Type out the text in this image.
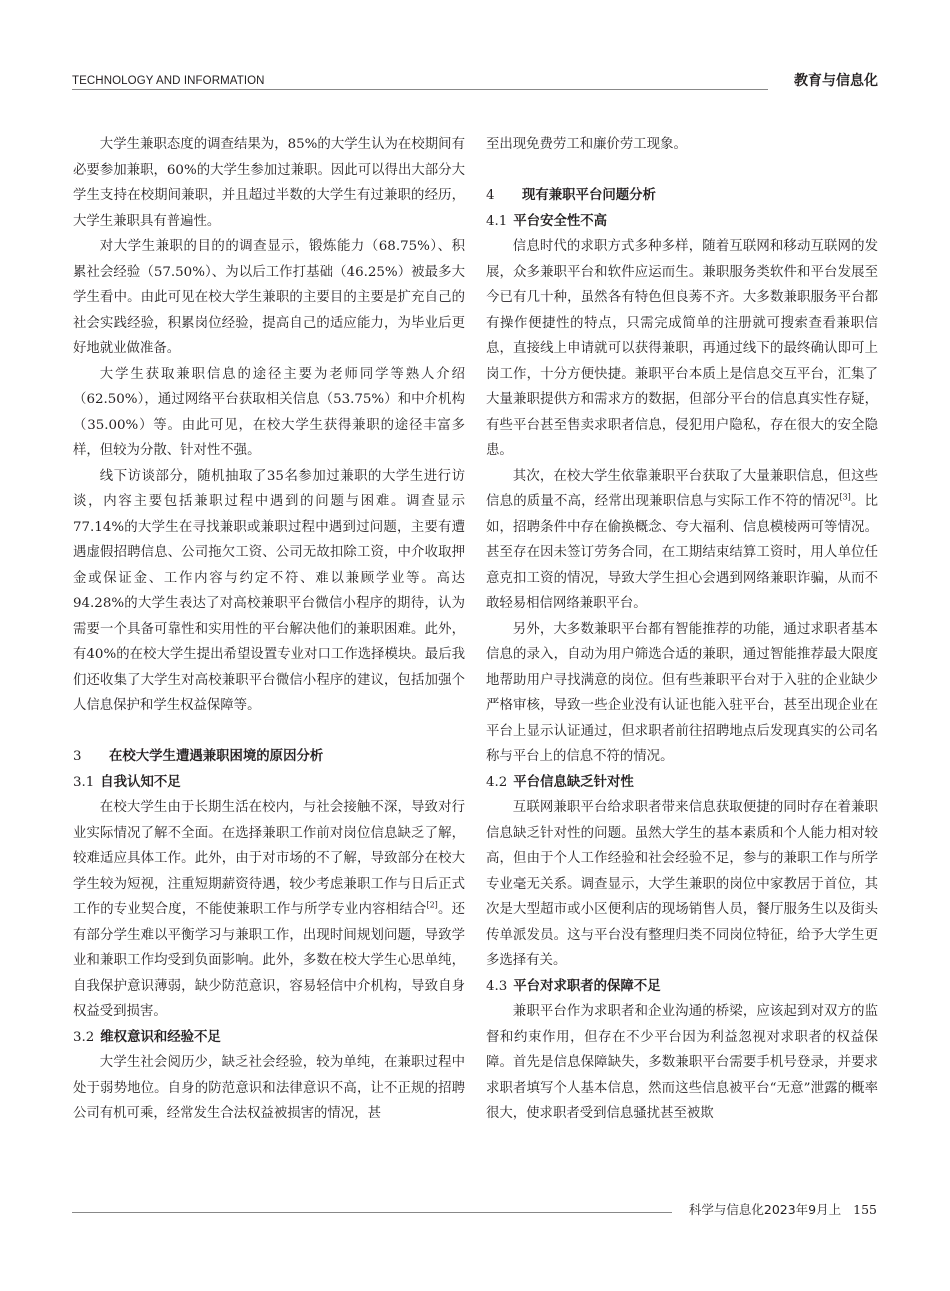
TECHNOLOGY AND INFORMATION	教育与信息化

大学生兼职态度的调查结果为，85%的大学生认为在校期间有必要参加兼职，60%的大学生参加过兼职。因此可以得出大部分大学生支持在校期间兼职，并且超过半数的大学生有过兼职的经历，大学生兼职具有普遍性。

对大学生兼职的目的的调查显示，锻炼能力（68.75%）、积累社会经验（57.50%）、为以后工作打基础（46.25%）被最多大学生看中。由此可见在校大学生兼职的主要目的主要是扩充自己的社会实践经验，积累岗位经验，提高自己的适应能力，为毕业后更好地就业做准备。

大学生获取兼职信息的途径主要为老师同学等熟人介绍（62.50%），通过网络平台获取相关信息（53.75%）和中介机构（35.00%）等。由此可见，在校大学生获得兼职的途径丰富多样，但较为分散、针对性不强。

线下访谈部分，随机抽取了35名参加过兼职的大学生进行访谈，内容主要包括兼职过程中遇到的问题与困难。调查显示77.14%的大学生在寻找兼职或兼职过程中遇到过问题，主要有遭遇虚假招聘信息、公司拖欠工资、公司无故扣除工资，中介收取押金或保证金、工作内容与约定不符、难以兼顾学业等。高达94.28%的大学生表达了对高校兼职平台微信小程序的期待，认为需要一个具备可靠性和实用性的平台解决他们的兼职困难。此外，有40%的在校大学生提出希望设置专业对口工作选择模块。最后我们还收集了大学生对高校兼职平台微信小程序的建议，包括加强个人信息保护和学生权益保障等。

3 在校大学生遭遇兼职困境的原因分析
3.1 自我认知不足

在校大学生由于长期生活在校内，与社会接触不深，导致对行业实际情况了解不全面。在选择兼职工作前对岗位信息缺乏了解，较难适应具体工作。此外，由于对市场的不了解，导致部分在校大学生较为短视，注重短期薪资待遇，较少考虑兼职工作与日后正式工作的专业契合度，不能使兼职工作与所学专业内容相结合[2]。还有部分学生难以平衡学习与兼职工作，出现时间规划问题，导致学业和兼职工作均受到负面影响。此外，多数在校大学生心思单纯，自我保护意识薄弱，缺少防范意识，容易轻信中介机构，导致自身权益受到损害。

3.2 维权意识和经验不足

大学生社会阅历少，缺乏社会经验，较为单纯，在兼职过程中处于弱势地位。自身的防范意识和法律意识不高，让不正规的招聘公司有机可乘，经常发生合法权益被损害的情况，甚

至出现免费劳工和廉价劳工现象。

4 现有兼职平台问题分析
4.1 平台安全性不高

信息时代的求职方式多种多样，随着互联网和移动互联网的发展，众多兼职平台和软件应运而生。兼职服务类软件和平台发展至今已有几十种，虽然各有特色但良莠不齐。大多数兼职服务平台都有操作便捷性的特点，只需完成简单的注册就可搜索查看兼职信息，直接线上申请就可以获得兼职，再通过线下的最终确认即可上岗工作，十分方便快捷。兼职平台本质上是信息交互平台，汇集了大量兼职提供方和需求方的数据，但部分平台的信息真实性存疑，有些平台甚至售卖求职者信息，侵犯用户隐私，存在很大的安全隐患。

其次，在校大学生依靠兼职平台获取了大量兼职信息，但这些信息的质量不高，经常出现兼职信息与实际工作不符的情况[3]。比如，招聘条件中存在偷换概念、夸大福利、信息模棱两可等情况。甚至存在因未签订劳务合同，在工期结束结算工资时，用人单位任意克扣工资的情况，导致大学生担心会遇到网络兼职诈骗，从而不敢轻易相信网络兼职平台。

另外，大多数兼职平台都有智能推荐的功能，通过求职者基本信息的录入，自动为用户筛选合适的兼职，通过智能推荐最大限度地帮助用户寻找满意的岗位。但有些兼职平台对于入驻的企业缺少严格审核，导致一些企业没有认证也能入驻平台，甚至出现企业在平台上显示认证通过，但求职者前往招聘地点后发现真实的公司名称与平台上的信息不符的情况。

4.2 平台信息缺乏针对性

互联网兼职平台给求职者带来信息获取便捷的同时存在着兼职信息缺乏针对性的问题。虽然大学生的基本素质和个人能力相对较高，但由于个人工作经验和社会经验不足，参与的兼职工作与所学专业毫无关系。调查显示，大学生兼职的岗位中家教居于首位，其次是大型超市或小区便利店的现场销售人员，餐厅服务生以及街头传单派发员。这与平台没有整理归类不同岗位特征，给予大学生更多选择有关。

4.3 平台对求职者的保障不足

兼职平台作为求职者和企业沟通的桥梁，应该起到对双方的监督和约束作用，但存在不少平台因为利益忽视对求职者的权益保障。首先是信息保障缺失，多数兼职平台需要手机号登录，并要求求职者填写个人基本信息，然而这些信息被平台“无意”泄露的概率很大，使求职者受到信息骚扰甚至被欺

科学与信息化2023年9月上 155
